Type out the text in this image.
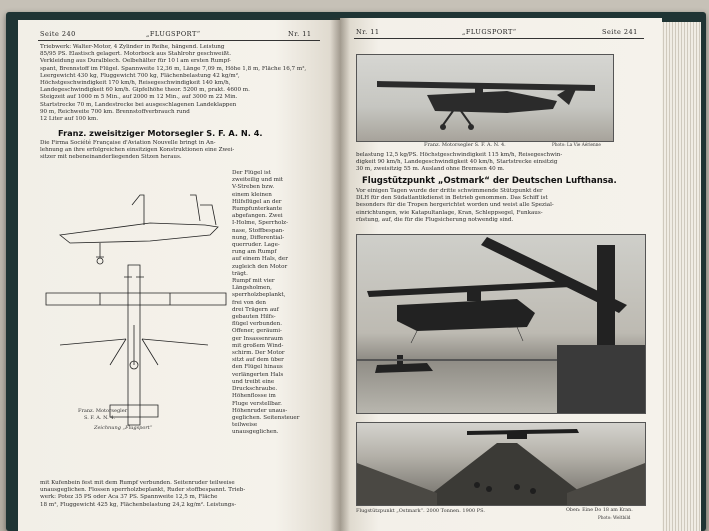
Seite 240	„FLUGSPORT“	Nr. 11
Triebwerk: Walter-Motor, 4 Zylinder in Reihe, hängend. Leistung
85/95 PS. Elastisch gelagert. Motorbock aus Stahlrohr geschweißt.
Verkleidung aus Duralblech. Oelbehälter für 10 l am ersten Rumpf-
spant, Brennstoff im Flügel. Spannweite 12,36 m, Länge 7,09 m, Höhe 1,8 m, Fläche 16,7 m²,
Leergewicht 430 kg, Fluggewicht 700 kg, Flächenbelastung 42 kg/m²,
Höchstgeschwindigkeit 170 km/h, Reisegeschwindigkeit 140 km/h,
Landegeschwindigkeit 60 km/h. Gipfelhöhe theor. 5200 m, prakt. 4600 m.
Steigzeit auf 1000 m 5 Min., auf 2000 m 12 Min., auf 3000 m 22 Min.
Startstrecke 70 m, Landestrecke bei ausgeschlagenen Landeklappen
90 m, Reichweite 700 km. Brennstoffverbrauch rund
12 Liter auf 100 km.
Franz. zweisitziger Motorsegler S. F. A. N. 4.
Die Firma Société Française d'Aviation Nouvelle bringt in An-
lehnung an ihre erfolgreichen einsitzigen Konstruktionen eine Zwei-
sitzer mit nebeneinanderliegenden Sitzen heraus.
Franz. Motorsegler
S. F. A. N. 4.
Zeichnung „Flugsport“
Der Flügel ist
zweiteilig und mit
V-Streben bzw.
einem kleinen
Hilfsflügel an der
Rumpfunterkante
abgefangen. Zwei
I-Holme, Sperrholz-
nase, Stoffbespan-
nung, Differential-
querruder. Lage-
rung am Rumpf
auf einem Hals, der
zugleich den Motor
trägt.
Rumpf mit vier
Längsholmen,
sperrholzbeplankt,
frei von den
drei Trägern auf
gebauten Hilfs-
flügel verbunden.
Offener, geräumi-
ger Insassenraum
mit großem Wind-
schirm. Der Motor
sitzt auf dem über
den Flügel hinaus
verlängerten Hals
und treibt eine
Druckschraube.
Höhenflosse im
Fluge verstellbar.
Höhenruder unaus-
geglichen. Seitensteuer teilweise
unausgeglichen.
mit Kufenbein fest mit dem Rumpf verbunden. Seitenruder teilweise
unausgeglichen. Flossen sperrholzbeplankt, Ruder stoffbespannt. Trieb-
werk: Potez 35 PS oder Aca 37 PS. Spannweite 12,5 m, Fläche
18 m², Fluggewicht 425 kg, Flächenbelastung 24,2 kg/m². Leistungs-
Nr. 11	„FLUGSPORT“	Seite 241
Franz. Motorsegler S. F. A. N. 4.	Photo: La Vie Aérienne
belastung 12,5 kg/PS. Höchstgeschwindigkeit 115 km/h, Reisegeschwin-
digkeit 90 km/h, Landegeschwindigkeit 40 km/h, Startstrecke einsitzig
30 m, zweisitzig 55 m. Ausland ohne Bremsen 40 m.
Flugstützpunkt „Ostmark“ der Deutschen Lufthansa.
Vor einigen Tagen wurde der dritte schwimmende Stützpunkt der
DLH für den Südatlantikdienst in Betrieb genommen. Das Schiff ist
besonders für die Tropen hergerichtet worden und weist alle Spezial-
einrichtungen, wie Katapultanlage, Kran, Schleppsegel, Funkaus-
rüstung, auf, die für die Flugsicherung notwendig sind.
Flugstützpunkt „Ostmark“. 2000 Tonnen. 1900 PS.	Oben: Eine Do 18 am Kran.
Photo: Weltbild
